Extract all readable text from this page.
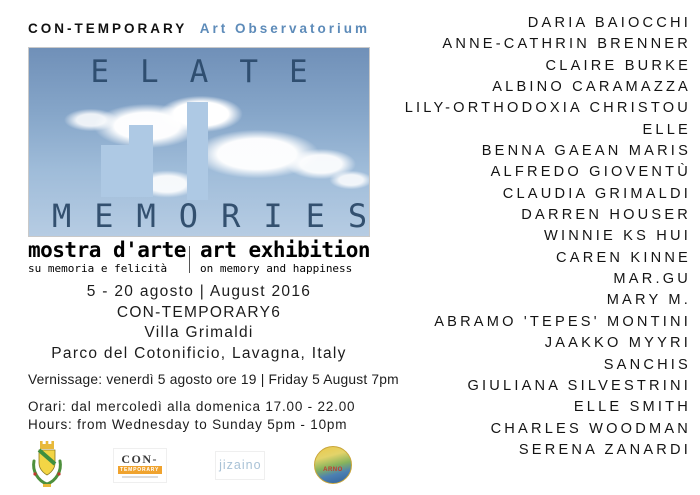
CON-TEMPORARY Art Observatorium
ELATE
MEMORIES
mostra d'arte
su memoria e felicità
art exhibition
on memory and happiness
5 - 20 agosto | August 2016
CON-TEMPORARY6
Villa Grimaldi
Parco del Cotonificio, Lavagna, Italy
Vernissage: venerdì 5 agosto ore 19 | Friday 5 August 7pm
Orari: dal mercoledì alla domenica 17.00 - 22.00
Hours: from Wednesday to Sunday 5pm - 10pm
CON-
TEMPORARY	jizaino	ARNO
DARIA BAIOCCHI
ANNE-CATHRIN BRENNER
CLAIRE BURKE
ALBINO CARAMAZZA
LILY-ORTHODOXIA CHRISTOU
ELLE
BENNA GAEAN MARIS
ALFREDO GIOVENTÙ
CLAUDIA GRIMALDI
DARREN HOUSER
WINNIE KS HUI
CAREN KINNE
MAR.GU
MARY M.
ABRAMO 'TEPES' MONTINI
JAAKKO MYYRI
SANCHIS
GIULIANA SILVESTRINI
ELLE SMITH
CHARLES WOODMAN
SERENA ZANARDI
